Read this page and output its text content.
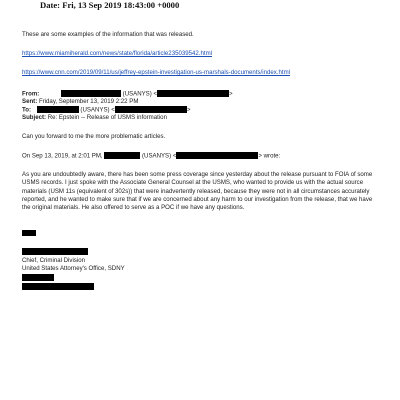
Date: Fri, 13 Sep 2019 18:43:00 +0000
These are some examples of the information that was released.
https://www.miamiherald.com/news/state/florida/article235039542.html
https://www.cnn.com/2019/09/11/us/jeffrey-epstein-investigation-us-marshals-documents/index.html
From:	(USANYS) <	>
Sent: Friday, September 13, 2019 2:22 PM
To:	(USANYS) <	>
Subject: Re: Epstein -- Release of USMS information
Can you forward to me the more problematic articles.
On Sep 13, 2019, at 2:01 PM,	(USANYS) <	> wrote:
As you are undoubtedly aware, there has been some press coverage since yesterday about the release pursuant to FOIA of some USMS records. I just spoke with the Associate General Counsel at the USMS, who wanted to provide us with the actual source materials (USM 11s (equivalent of 302s)) that were inadvertently released, because they were not in all circumstances accurately reported, and he wanted to make sure that if we are concerned about any harm to our investigation from the release, that we have the original materials. He also offered to serve as a POC if we have any questions.
Chief, Criminal Division
United States Attorney's Office, SDNY
